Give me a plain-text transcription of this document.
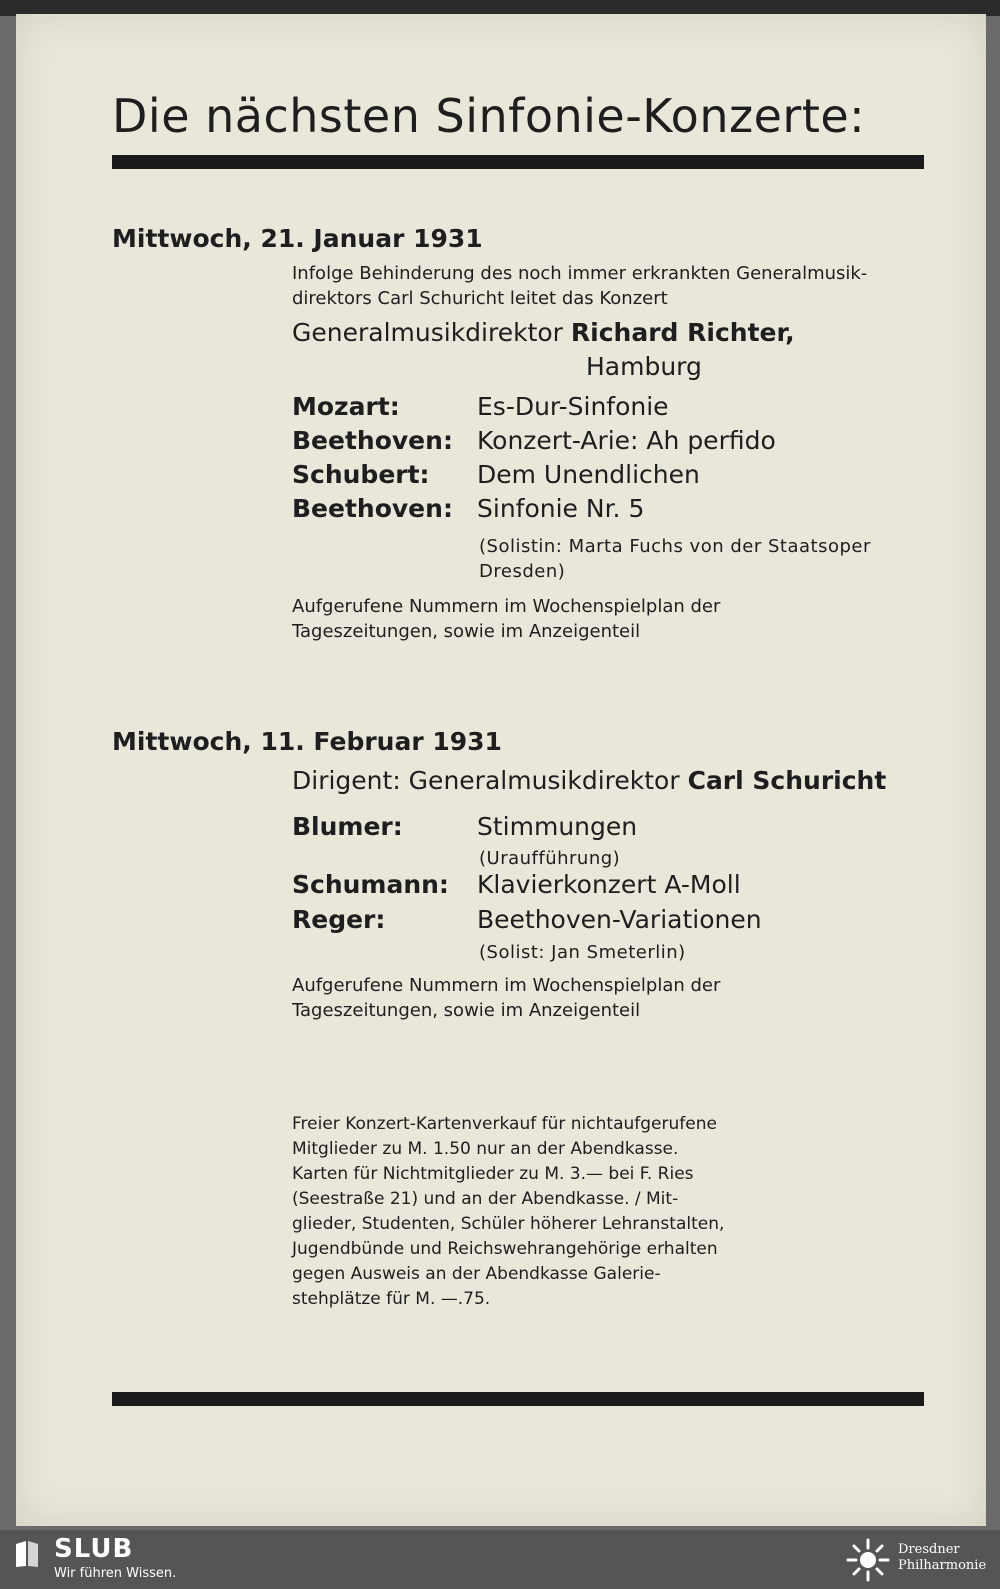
Die nächsten Sinfonie-Konzerte:
Mittwoch, 21. Januar 1931
Infolge Behinderung des noch immer erkrankten Generalmusik-
direktors Carl Schuricht leitet das Konzert
Generalmusikdirektor Richard Richter,
Hamburg
Mozart:	Es-Dur-Sinfonie
Beethoven: Konzert-Arie: Ah perfido
Schubert: Dem Unendlichen
Beethoven: Sinfonie Nr. 5
(Solistin: Marta Fuchs von der Staatsoper
Dresden)
Aufgerufene Nummern im Wochenspielplan der
Tageszeitungen, sowie im Anzeigenteil
Mittwoch, 11. Februar 1931
Dirigent: Generalmusikdirektor Carl Schuricht
Blumer:	Stimmungen
(Uraufführung)
Schumann: Klavierkonzert A-Moll
Reger:	Beethoven-Variationen
(Solist: Jan Smeterlin)
Aufgerufene Nummern im Wochenspielplan der
Tageszeitungen, sowie im Anzeigenteil
Freier Konzert-Kartenverkauf für nichtaufgerufene
Mitglieder zu M. 1.50 nur an der Abendkasse.
Karten für Nichtmitglieder zu M. 3.— bei F. Ries
(Seestraße 21) und an der Abendkasse. / Mit-
glieder, Studenten, Schüler höherer Lehranstalten,
Jugendbünde und Reichswehrangehörige erhalten
gegen Ausweis an der Abendkasse Galerie-
stehplätze für M. —.75.
SLUB
Wir führen Wissen.
Dresdner
Philharmonie
